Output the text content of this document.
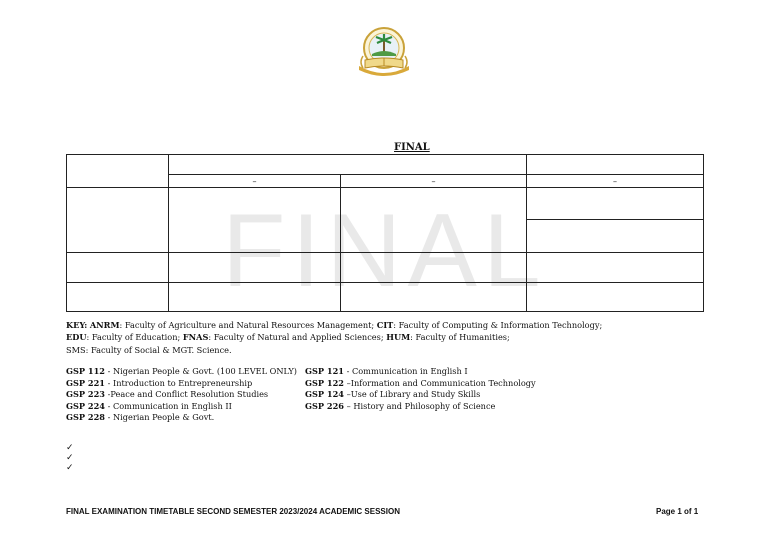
FINAL
FINAL

	–	–	–

KEY: ANRM: Faculty of Agriculture and Natural Resources Management; CIT: Faculty of Computing & Information Technology;
EDU: Faculty of Education; FNAS: Faculty of Natural and Applied Sciences; HUM: Faculty of Humanities;
SMS: Faculty of Social & MGT. Science.
GSP 112 - Nigerian People & Govt. (100 LEVEL ONLY)
GSP 221 - Introduction to Entrepreneurship
GSP 223 -Peace and Conflict Resolution Studies
GSP 224 - Communication in English II
GSP 228 - Nigerian People & Govt.
GSP 121 - Communication in English I
GSP 122 –Information and Communication Technology
GSP 124 –Use of Library and Study Skills
GSP 226 – History and Philosophy of Science
✓
✓
✓
FINAL EXAMINATION TIMETABLE SECOND SEMESTER 2023/2024 ACADEMIC SESSION	Page 1 of 1
